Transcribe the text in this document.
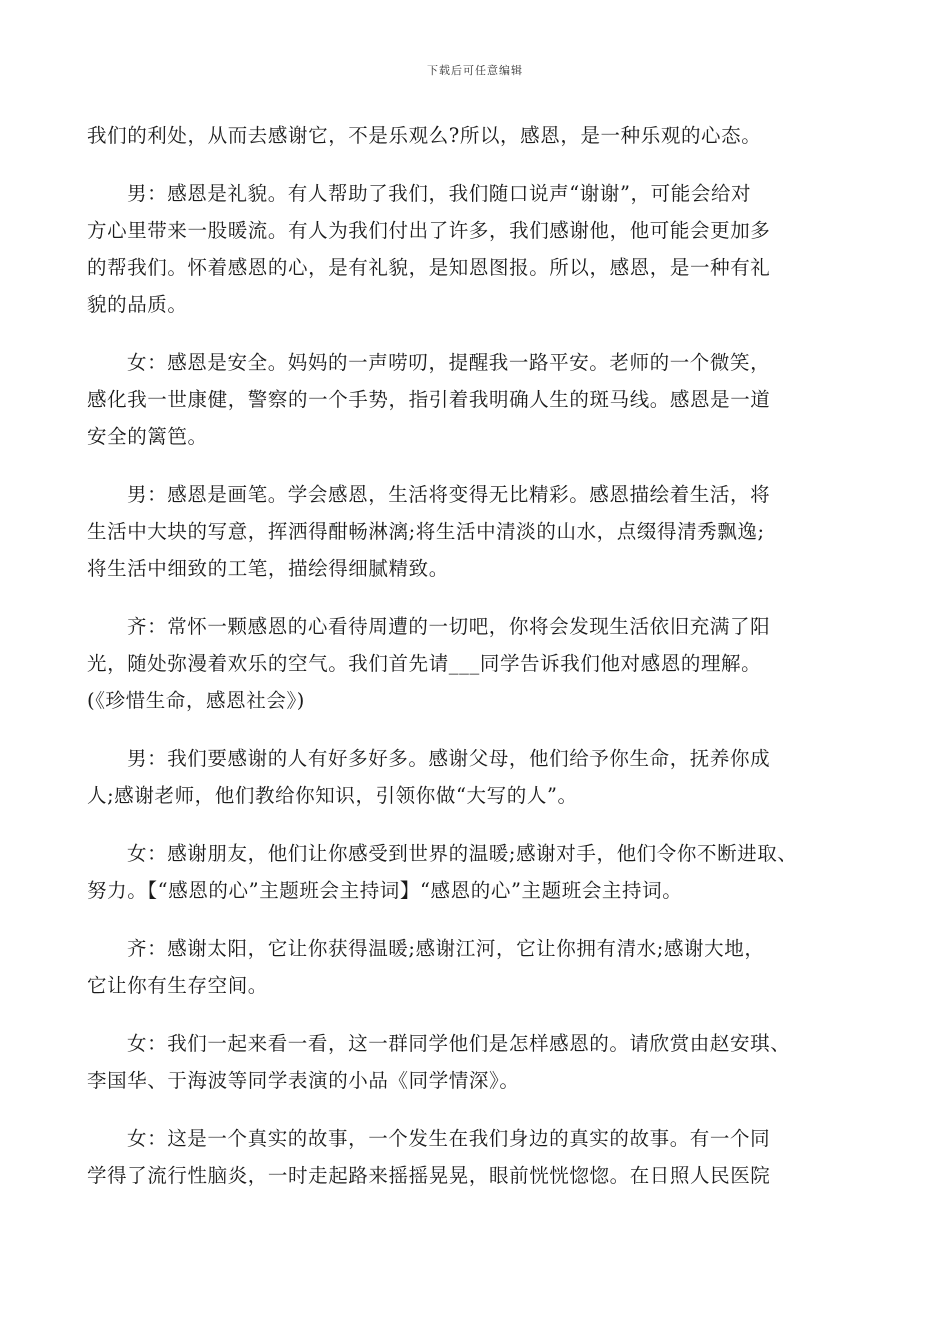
下载后可任意编辑

我们的利处，从而去感谢它，不是乐观么?所以，感恩，是一种乐观的心态。

男：感恩是礼貌。有人帮助了我们，我们随口说声“谢谢”，可能会给对
方心里带来一股暖流。有人为我们付出了许多，我们感谢他，他可能会更加多
的帮我们。怀着感恩的心，是有礼貌，是知恩图报。所以，感恩，是一种有礼
貌的品质。

女：感恩是安全。妈妈的一声唠叨，提醒我一路平安。老师的一个微笑，
感化我一世康健，警察的一个手势，指引着我明确人生的斑马线。感恩是一道
安全的篱笆。

男：感恩是画笔。学会感恩，生活将变得无比精彩。感恩描绘着生活，将
生活中大块的写意，挥洒得酣畅淋漓;将生活中清淡的山水，点缀得清秀飘逸;
将生活中细致的工笔，描绘得细腻精致。

齐：常怀一颗感恩的心看待周遭的一切吧，你将会发现生活依旧充满了阳
光，随处弥漫着欢乐的空气。我们首先请___同学告诉我们他对感恩的理解。
(《珍惜生命，感恩社会》)

男：我们要感谢的人有好多好多。感谢父母，他们给予你生命，抚养你成
人;感谢老师，他们教给你知识，引领你做“大写的人”。

女：感谢朋友，他们让你感受到世界的温暖;感谢对手，他们令你不断进取、
努力。【“感恩的心”主题班会主持词】“感恩的心”主题班会主持词。

齐：感谢太阳，它让你获得温暖;感谢江河，它让你拥有清水;感谢大地，
它让你有生存空间。

女：我们一起来看一看，这一群同学他们是怎样感恩的。请欣赏由赵安琪、
李国华、于海波等同学表演的小品《同学情深》。

女：这是一个真实的故事，一个发生在我们身边的真实的故事。有一个同
学得了流行性脑炎，一时走起路来摇摇晃晃，眼前恍恍惚惚。在日照人民医院
